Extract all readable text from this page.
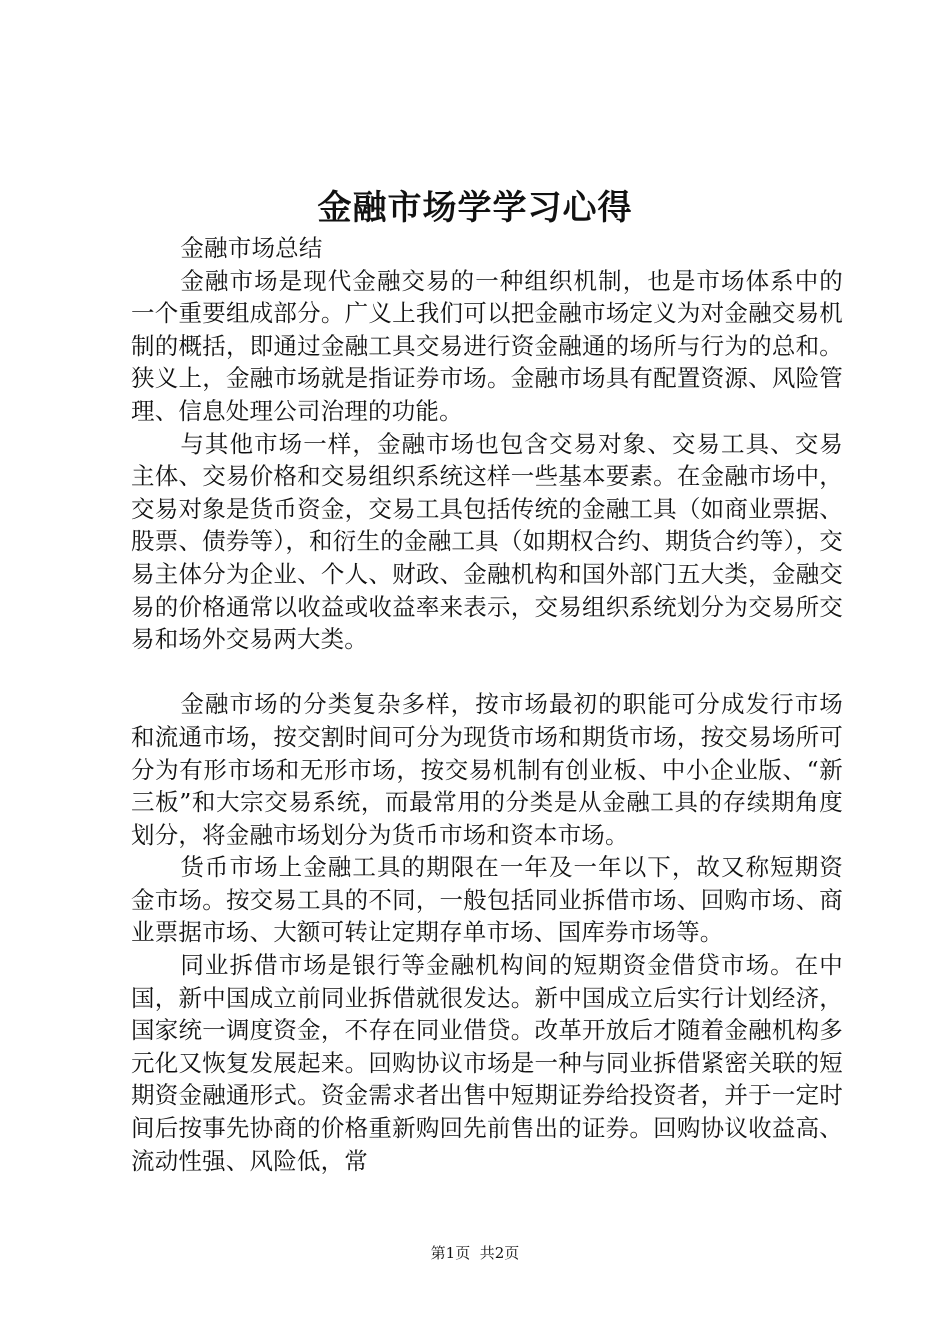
金融市场学学习心得

金融市场总结

金融市场是现代金融交易的一种组织机制，也是市场体系中的一个重要组成部分。广义上我们可以把金融市场定义为对金融交易机制的概括，即通过金融工具交易进行资金融通的场所与行为的总和。狭义上，金融市场就是指证券市场。金融市场具有配置资源、风险管理、信息处理公司治理的功能。

与其他市场一样，金融市场也包含交易对象、交易工具、交易主体、交易价格和交易组织系统这样一些基本要素。在金融市场中，交易对象是货币资金，交易工具包括传统的金融工具（如商业票据、股票、债券等），和衍生的金融工具（如期权合约、期货合约等），交易主体分为企业、个人、财政、金融机构和国外部门五大类，金融交易的价格通常以收益或收益率来表示，交易组织系统划分为交易所交易和场外交易两大类。

金融市场的分类复杂多样，按市场最初的职能可分成发行市场和流通市场，按交割时间可分为现货市场和期货市场，按交易场所可分为有形市场和无形市场，按交易机制有创业板、中小企业版、“新三板”和大宗交易系统，而最常用的分类是从金融工具的存续期角度划分，将金融市场划分为货币市场和资本市场。

货币市场上金融工具的期限在一年及一年以下，故又称短期资金市场。按交易工具的不同，一般包括同业拆借市场、回购市场、商业票据市场、大额可转让定期存单市场、国库券市场等。

同业拆借市场是银行等金融机构间的短期资金借贷市场。在中国，新中国成立前同业拆借就很发达。新中国成立后实行计划经济，国家统一调度资金，不存在同业借贷。改革开放后才随着金融机构多元化又恢复发展起来。回购协议市场是一种与同业拆借紧密关联的短期资金融通形式。资金需求者出售中短期证券给投资者，并于一定时间后按事先协商的价格重新购回先前售出的证券。回购协议收益高、流动性强、风险低，常

第1页 共2页
